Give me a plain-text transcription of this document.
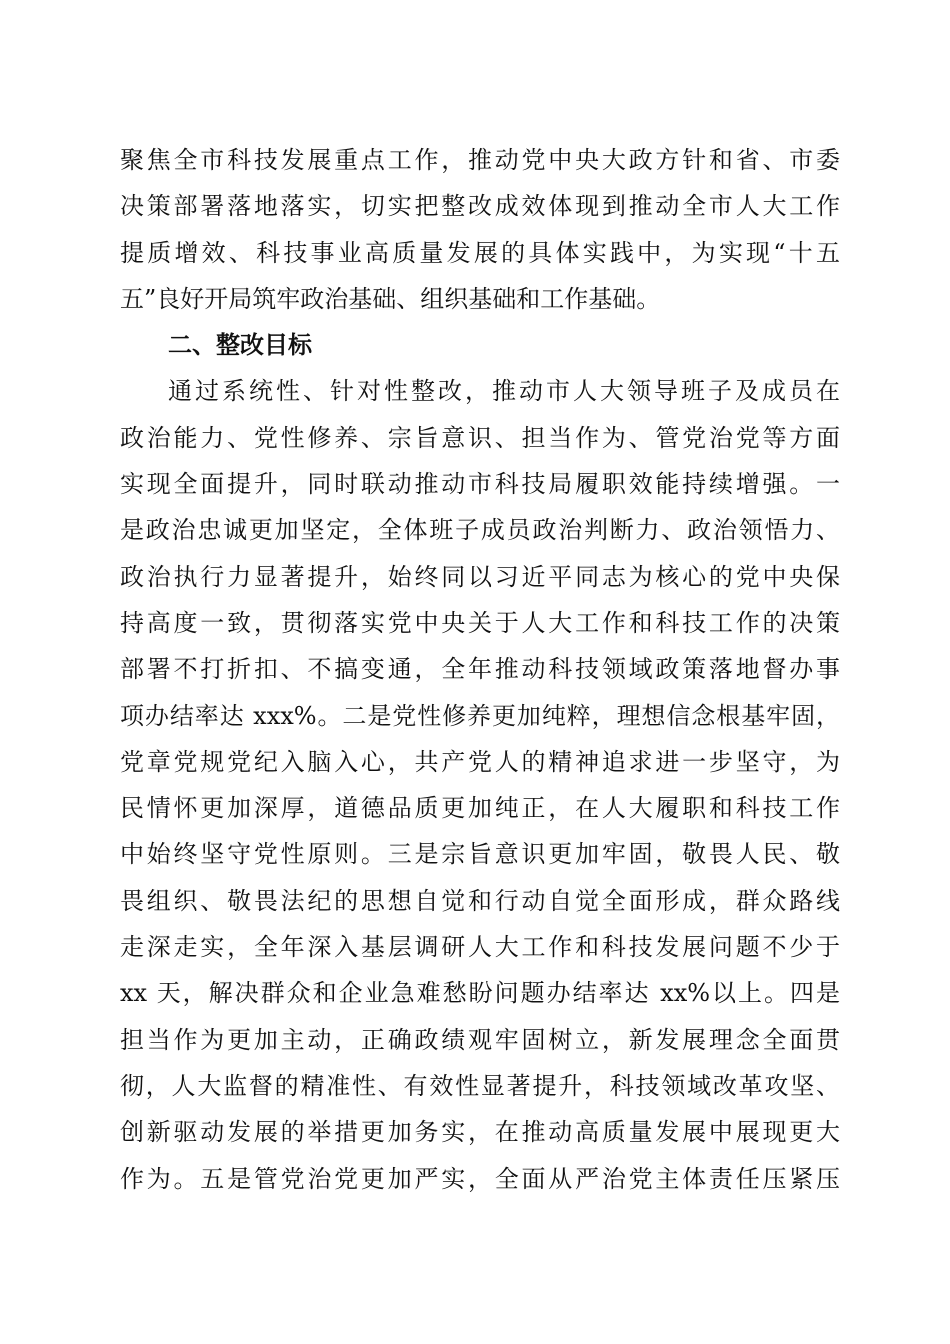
聚焦全市科技发展重点工作，推动党中央大政方针和省、市委
决策部署落地落实，切实把整改成效体现到推动全市人大工作
提质增效、科技事业高质量发展的具体实践中，为实现“十五
五”良好开局筑牢政治基础、组织基础和工作基础。
二、整改目标
通过系统性、针对性整改，推动市人大领导班子及成员在
政治能力、党性修养、宗旨意识、担当作为、管党治党等方面
实现全面提升，同时联动推动市科技局履职效能持续增强。一
是政治忠诚更加坚定，全体班子成员政治判断力、政治领悟力、
政治执行力显著提升，始终同以习近平同志为核心的党中央保
持高度一致，贯彻落实党中央关于人大工作和科技工作的决策
部署不打折扣、不搞变通，全年推动科技领域政策落地督办事
项办结率达 xxx%。二是党性修养更加纯粹，理想信念根基牢固，
党章党规党纪入脑入心，共产党人的精神追求进一步坚守，为
民情怀更加深厚，道德品质更加纯正，在人大履职和科技工作
中始终坚守党性原则。三是宗旨意识更加牢固，敬畏人民、敬
畏组织、敬畏法纪的思想自觉和行动自觉全面形成，群众路线
走深走实，全年深入基层调研人大工作和科技发展问题不少于
xx 天，解决群众和企业急难愁盼问题办结率达 xx%以上。四是
担当作为更加主动，正确政绩观牢固树立，新发展理念全面贯
彻，人大监督的精准性、有效性显著提升，科技领域改革攻坚、
创新驱动发展的举措更加务实，在推动高质量发展中展现更大
作为。五是管党治党更加严实，全面从严治党主体责任压紧压
